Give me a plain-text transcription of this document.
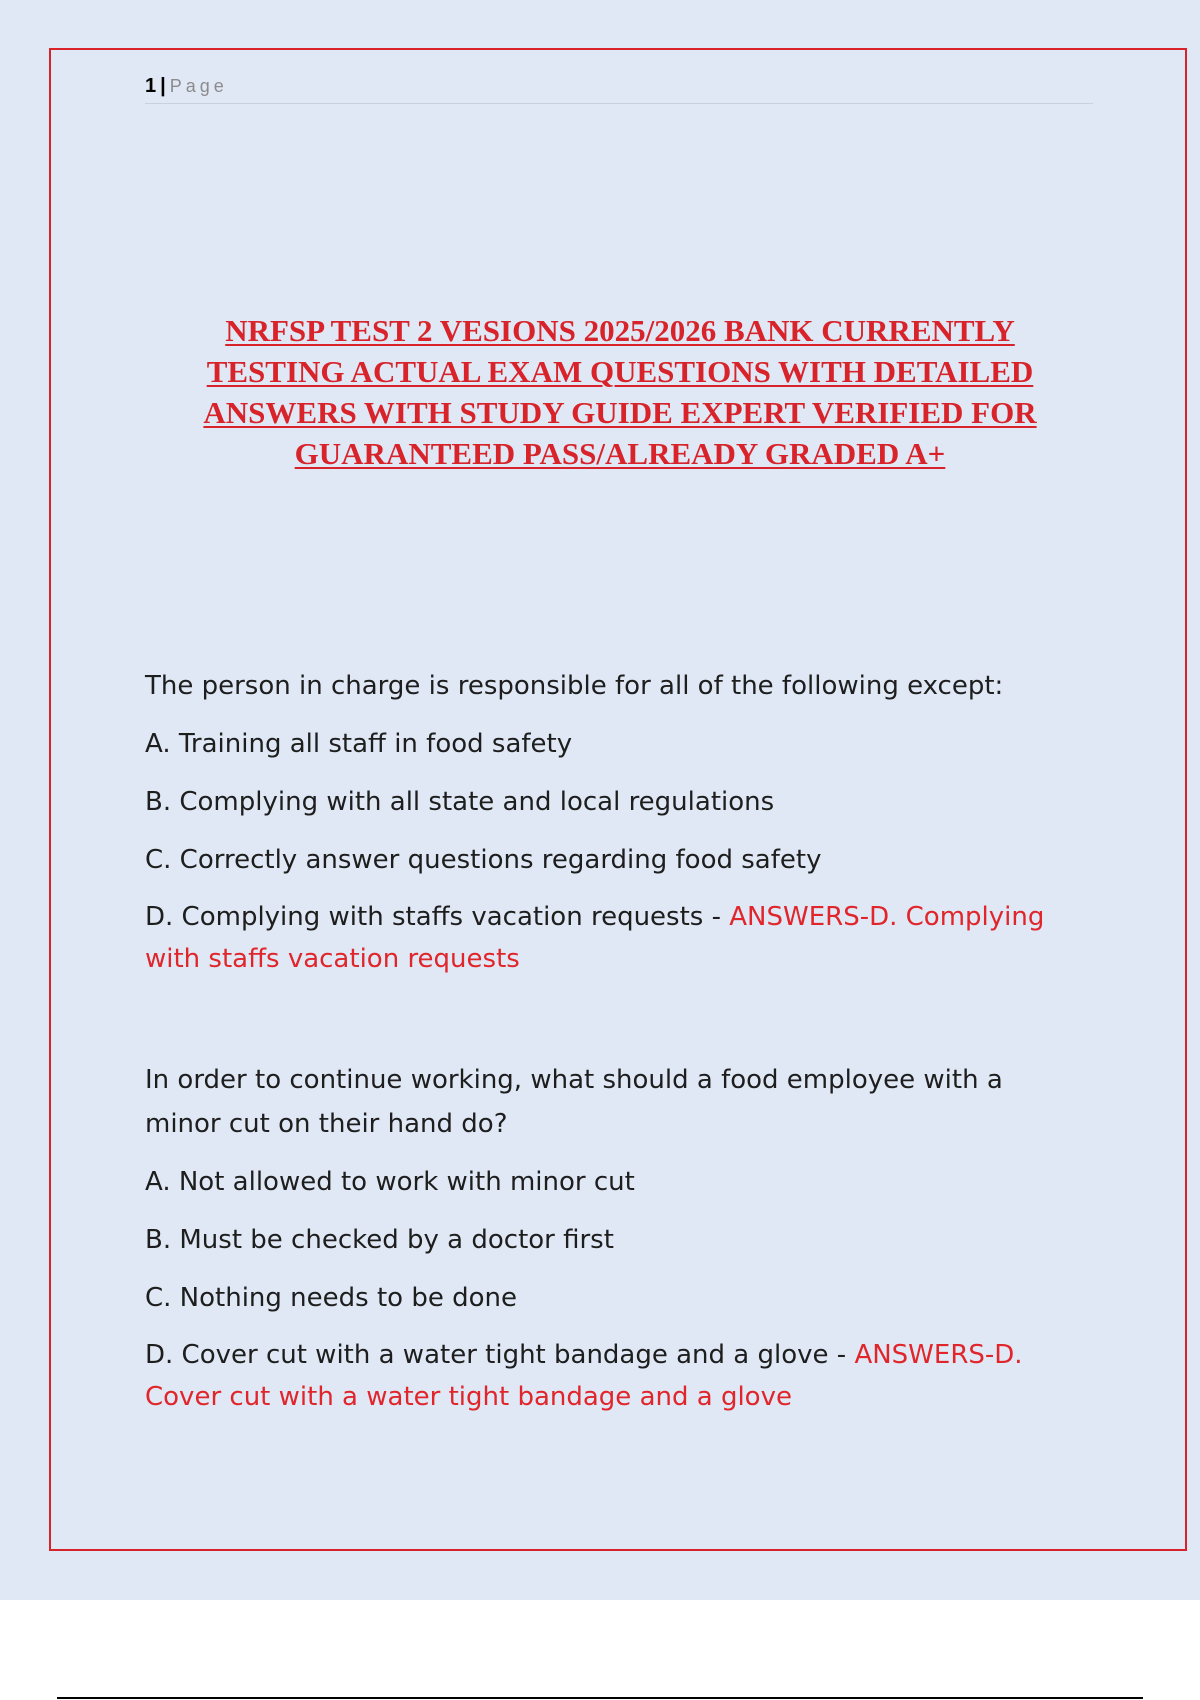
1 | Page
NRFSP TEST 2 VESIONS 2025/2026 BANK CURRENTLY TESTING ACTUAL EXAM QUESTIONS WITH DETAILED ANSWERS WITH STUDY GUIDE EXPERT VERIFIED FOR GUARANTEED PASS/ALREADY GRADED A+

The person in charge is responsible for all of the following except:

A. Training all staff in food safety

B. Complying with all state and local regulations

C. Correctly answer questions regarding food safety

D. Complying with staffs vacation requests - ANSWERS-D. Complying with staffs vacation requests

In order to continue working, what should a food employee with a minor cut on their hand do?

A. Not allowed to work with minor cut

B. Must be checked by a doctor first

C. Nothing needs to be done

D. Cover cut with a water tight bandage and a glove - ANSWERS-D. Cover cut with a water tight bandage and a glove
